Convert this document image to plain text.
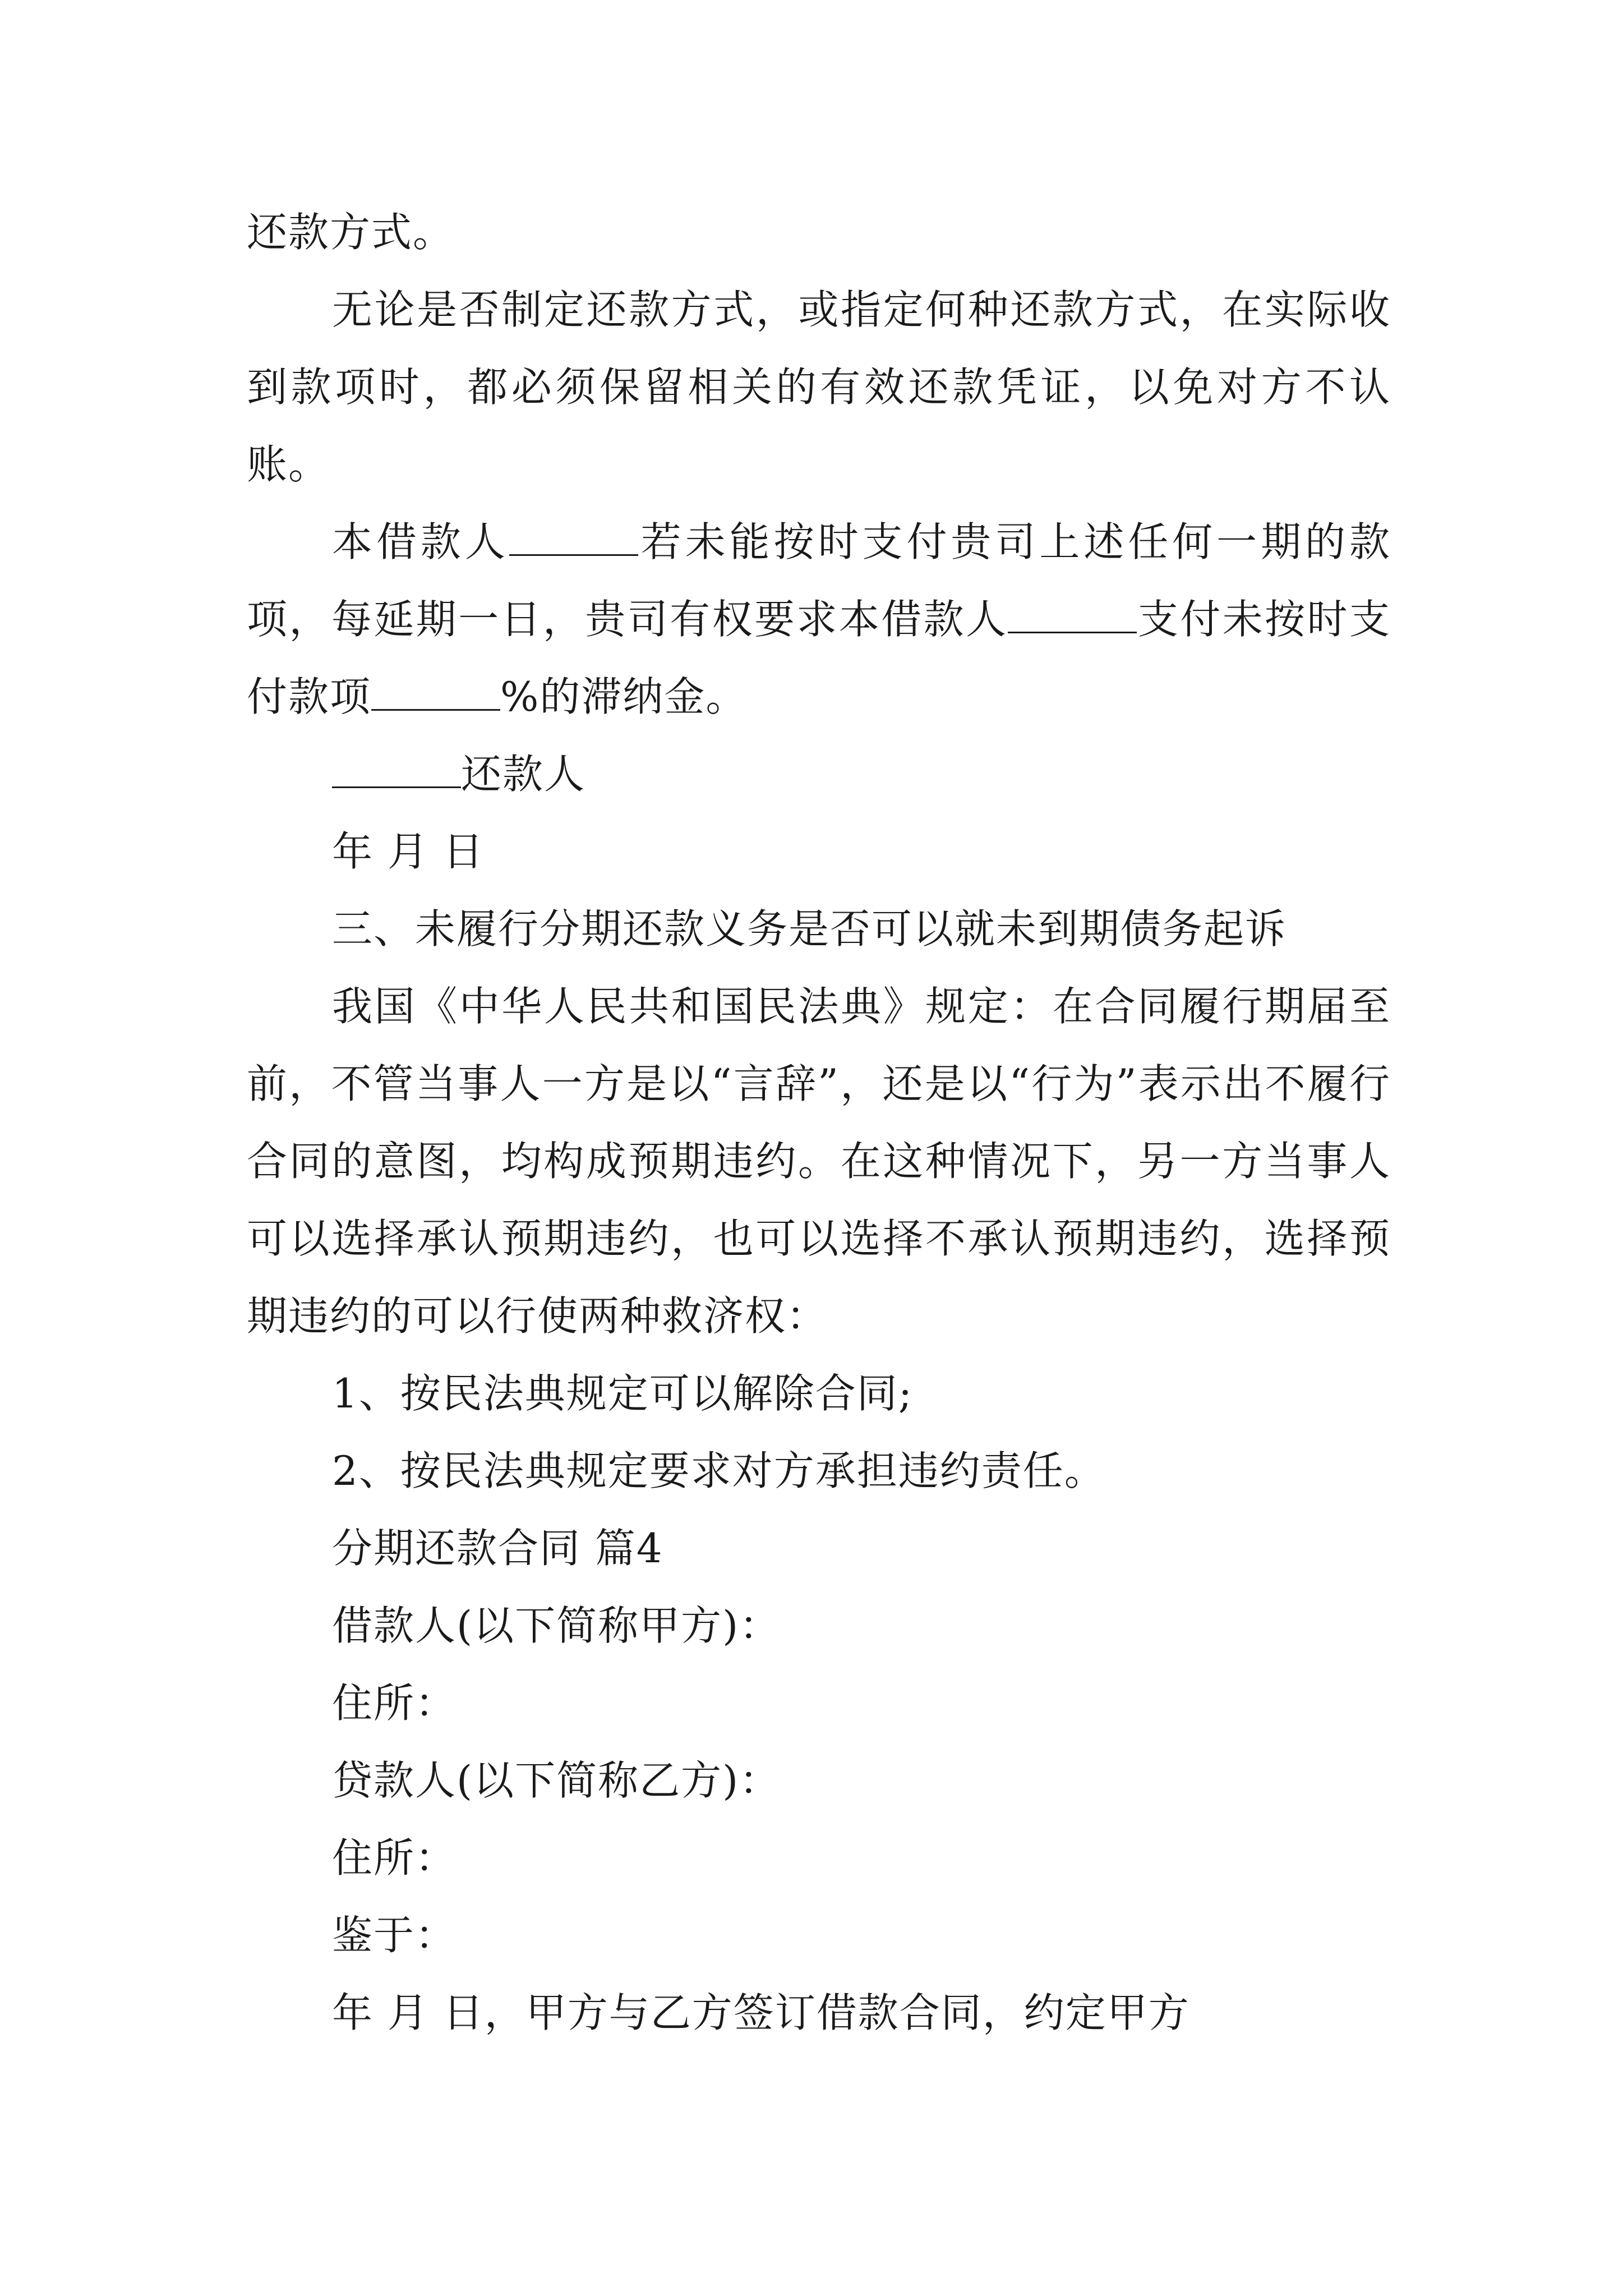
还款方式。

无论是否制定还款方式，或指定何种还款方式，在实际收到款项时，都必须保留相关的有效还款凭证，以免对方不认账。

本借款人	若未能按时支付贵司上述任何一期的款项，每延期一日，贵司有权要求本借款人	支付未按时支付款项	%的滞纳金。

还款人

年 月 日

三、未履行分期还款义务是否可以就未到期债务起诉

我国《中华人民共和国民法典》规定：在合同履行期届至前，不管当事人一方是以“言辞”，还是以“行为”表示出不履行合同的意图，均构成预期违约。在这种情况下，另一方当事人可以选择承认预期违约，也可以选择不承认预期违约，选择预期违约的可以行使两种救济权：

1、按民法典规定可以解除合同;

2、按民法典规定要求对方承担违约责任。

分期还款合同 篇4

借款人(以下简称甲方)：

住所：

贷款人(以下简称乙方)：

住所：

鉴于：

年 月 日，甲方与乙方签订借款合同，约定甲方
